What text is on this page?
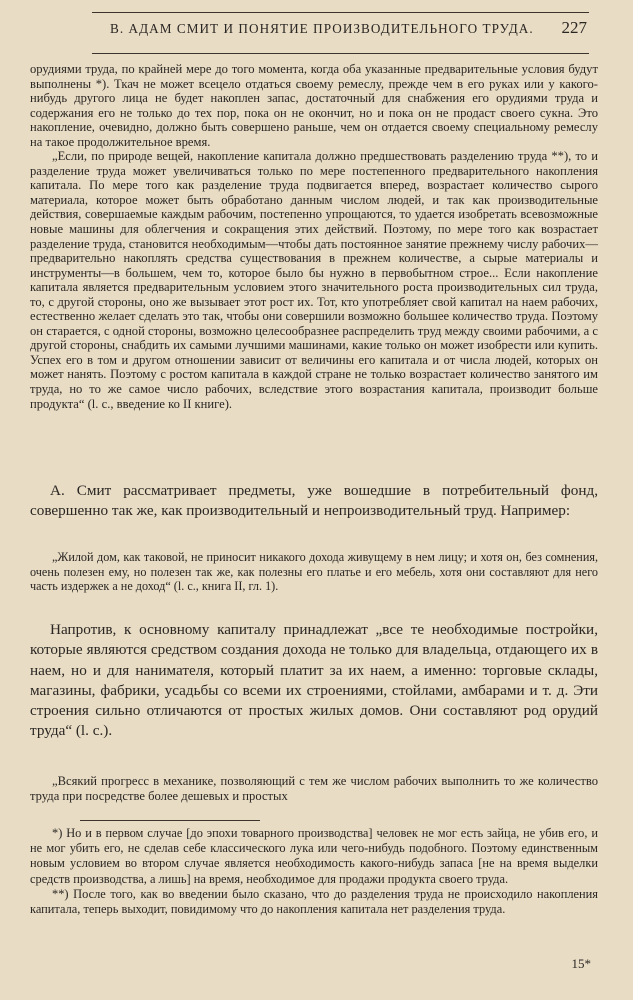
В. АДАМ СМИТ И ПОНЯТИЕ ПРОИЗВОДИТЕЛЬНОГО ТРУДА. 227

орудиями труда, по крайней мере до того момента, когда оба указанные предварительные условия будут выполнены *). Ткач не может всецело отдаться своему ремеслу, прежде чем в его руках или у какого-нибудь другого лица не будет накоплен запас, достаточный для снабжения его орудиями труда и содержания его не только до тех пор, пока он не окончит, но и пока он не продаст своего сукна. Это накопление, очевидно, должно быть совершено раньше, чем он отдается своему специальному ремеслу на такое продолжительное время.

„Если, по природе вещей, накопление капитала должно предшествовать разделению труда **), то и разделение труда может увеличиваться только по мере постепенного предварительного накопления капитала. По мере того как разделение труда подвигается вперед, возрастает количество сырого материала, которое может быть обработано данным числом людей, и так как производительные действия, совершаемые каждым рабочим, постепенно упрощаются, то удается изобретать всевозможные новые машины для облегчения и сокращения этих действий. Поэтому, по мере того как возрастает разделение труда, становится необходимым—чтобы дать постоянное занятие прежнему числу рабочих—предварительно накоплять средства существования в прежнем количестве, а сырые материалы и инструменты—в большем, чем то, которое было бы нужно в первобытном строе... Если накопление капитала является предварительным условием этого значительного роста производительных сил труда, то, с другой стороны, оно же вызывает этот рост их. Тот, кто употребляет свой капитал на наем рабочих, естественно желает сделать это так, чтобы они совершили возможно большее количество труда. Поэтому он старается, с одной стороны, возможно целесообразнее распределить труд между своими рабочими, а с другой стороны, снабдить их самыми лучшими машинами, какие только он может изобрести или купить. Успех его в том и другом отношении зависит от величины его капитала и от числа людей, которых он может нанять. Поэтому с ростом капитала в каждой стране не только возрастает количество занятого им труда, но то же самое число рабочих, вследствие этого возрастания капитала, производит больше продукта“ (l. c., введение ко II книге).

А. Смит рассматривает предметы, уже вошедшие в потребительный фонд, совершенно так же, как производительный и непроизводительный труд. Например:

„Жилой дом, как таковой, не приносит никакого дохода живущему в нем лицу; и хотя он, без сомнения, очень полезен ему, но полезен так же, как полезны его платье и его мебель, хотя они составляют для него часть издержек а не доход“ (l. c., книга II, гл. 1).

Напротив, к основному капиталу принадлежат „все те необходимые постройки, которые являются средством создания дохода не только для владельца, отдающего их в наем, но и для нанимателя, который платит за их наем, а именно: торговые склады, магазины, фабрики, усадьбы со всеми их строениями, стойлами, амбарами и т. д. Эти строения сильно отличаются от простых жилых домов. Они составляют род орудий труда“ (l. c.).

„Всякий прогресс в механике, позволяющий с тем же числом рабочих выполнить то же количество труда при посредстве более дешевых и простых

*) Но и в первом случае [до эпохи товарного производства] человек не мог есть зайца, не убив его, и не мог убить его, не сделав себе классического лука или чего-нибудь подобного. Поэтому единственным новым условием во втором случае является необходимость какого-нибудь запаса [не на время выделки средств производства, а лишь] на время, необходимое для продажи продукта своего труда.

**) После того, как во введении было сказано, что до разделения труда не происходило накопления капитала, теперь выходит, повидимому что до накопления капитала нет разделения труда.

15*
